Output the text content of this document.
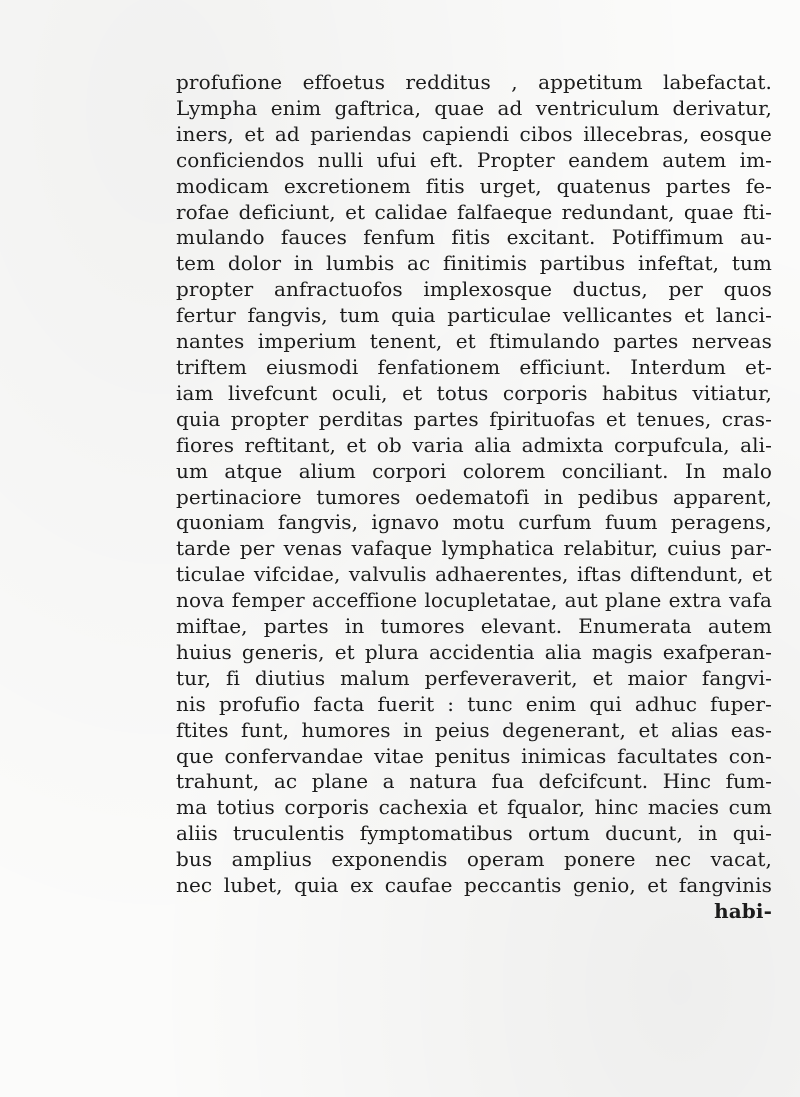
profufione effoetus redditus , appetitum labefactat.
Lympha enim gaftrica, quae ad ventriculum derivatur,
iners, et ad pariendas capiendi cibos illecebras, eosque
conficiendos nulli ufui eft. Propter eandem autem im-
modicam excretionem fitis urget, quatenus partes fe-
rofae deficiunt, et calidae falfaeque redundant, quae fti-
mulando fauces fenfum fitis excitant. Potiffimum au-
tem dolor in lumbis ac finitimis partibus infeftat, tum
propter anfractuofos implexosque ductus, per quos
fertur fangvis, tum quia particulae vellicantes et lanci-
nantes imperium tenent, et ftimulando partes nerveas
triftem eiusmodi fenfationem efficiunt. Interdum et-
iam livefcunt oculi, et totus corporis habitus vitiatur,
quia propter perditas partes fpirituofas et tenues, cras-
fiores reftitant, et ob varia alia admixta corpufcula, ali-
um atque alium corpori colorem conciliant. In malo
pertinaciore tumores oedematofi in pedibus apparent,
quoniam fangvis, ignavo motu curfum fuum peragens,
tarde per venas vafaque lymphatica relabitur, cuius par-
ticulae vifcidae, valvulis adhaerentes, iftas diftendunt, et
nova femper acceffione locupletatae, aut plane extra vafa
miftae, partes in tumores elevant. Enumerata autem
huius generis, et plura accidentia alia magis exafperan-
tur, fi diutius malum perfeveraverit, et maior fangvi-
nis profufio facta fuerit : tunc enim qui adhuc fuper-
ftites funt, humores in peius degenerant, et alias eas-
que confervandae vitae penitus inimicas facultates con-
trahunt, ac plane a natura fua defcifcunt. Hinc fum-
ma totius corporis cachexia et fqualor, hinc macies cum
aliis truculentis fymptomatibus ortum ducunt, in qui-
bus amplius exponendis operam ponere nec vacat,
nec lubet, quia ex caufae peccantis genio, et fangvinis
habi-
